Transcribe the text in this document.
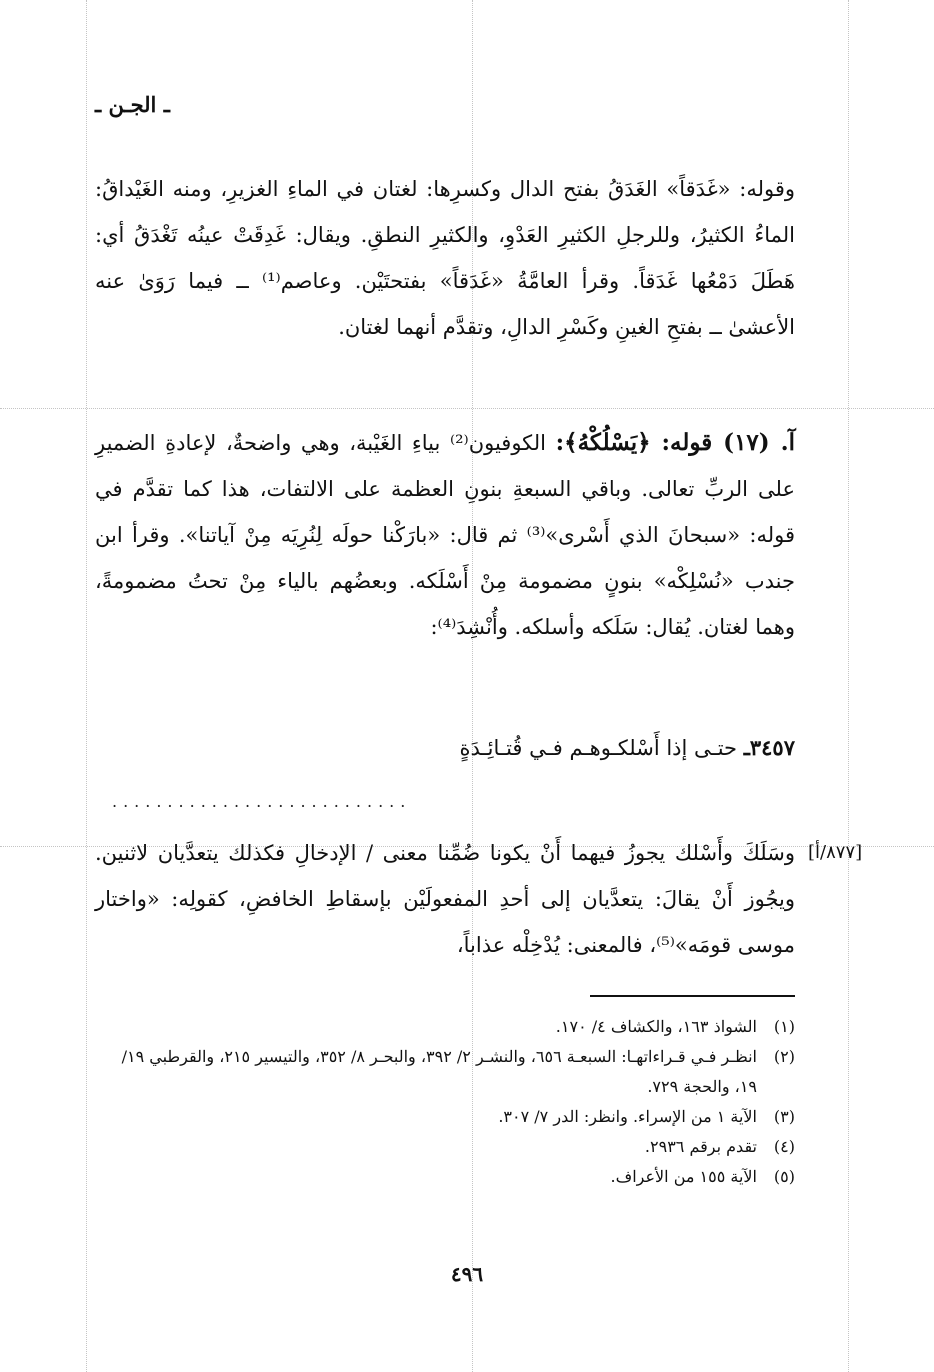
ـ الجـن ـ
وقوله: «غَدَقاً» الغَدَقُ بفتح الدال وكسرِها: لغتان في الماءِ الغزيرِ، ومنه الغَيْداقُ: الماءُ الكثيرُ، وللرجلِ الكثيرِ العَدْوِ، والكثيرِ النطقِ. ويقال: غَدِقَتْ عينُه تَغْدَقُ أي: هَطَلَ دَمْعُها غَدَقاً. وقرأ العامَّةُ «غَدَقاً» بفتحتَيْن. وعاصم⁽¹⁾ ــ فيما رَوَىٰ عنه الأعشىٰ ــ بفتحِ الغينِ وكَسْرِ الدالِ، وتقدَّم أنهما لغتان.
آ. (١٧) قوله: ﴿يَسْلُكْهُ﴾: الكوفيون⁽²⁾ بياءِ الغَيْبة، وهي واضحةٌ، لإعادةِ الضميرِ على الربِّ تعالى. وباقي السبعةِ بنونِ العظمة على الالتفات، هذا كما تقدَّم في قوله: «سبحانَ الذي أَسْرى»⁽³⁾ ثم قال: «بارَكْنا حولَه لِنُرِيَه مِنْ آياتنا». وقرأ ابن جندب «نُسْلِكْه» بنونٍ مضمومة مِنْ أَسْلَكه. وبعضُهم بالياء مِنْ تحتُ مضمومةً، وهما لغتان. يُقال: سَلَكه وأسلكه. وأُنْشِدَ⁽⁴⁾:
٣٤٥٧ـ حتـى إذا أَسْلكـوهـم فـي قُتـائِـدَةٍ
...........................
[٨٧٧/أ]
وسَلَكَ وأَسْلك يجوزُ فيهما أَنْ يكونا ضُمِّنا معنى / الإدخالِ فكذلك يتعدَّيان لاثنين. ويجُوز أَنْ يقالَ: يتعدَّيان إلى أحدِ المفعولَيْن بإسقاطِ الخافضِ، كقولِه: «واختار موسى قومَه»⁽⁵⁾، فالمعنى: يُدْخِلْه عذاباً،
(١)
الشواذ ١٦٣، والكشاف ٤/ ١٧٠.
(٢)
انظـر فـي قـراءاتهـا: السبعـة ٦٥٦، والنشـر ٢/ ٣٩٢، والبحـر ٨/ ٣٥٢، والتيسير ٢١٥، والقرطبي ١٩/ ١٩، والحجة ٧٢٩.
(٣)
الآية ١ من الإسراء. وانظر: الدر ٧/ ٣٠٧.
(٤)
تقدم برقم ٢٩٣٦.
(٥)
الآية ١٥٥ من الأعراف.
٤٩٦
